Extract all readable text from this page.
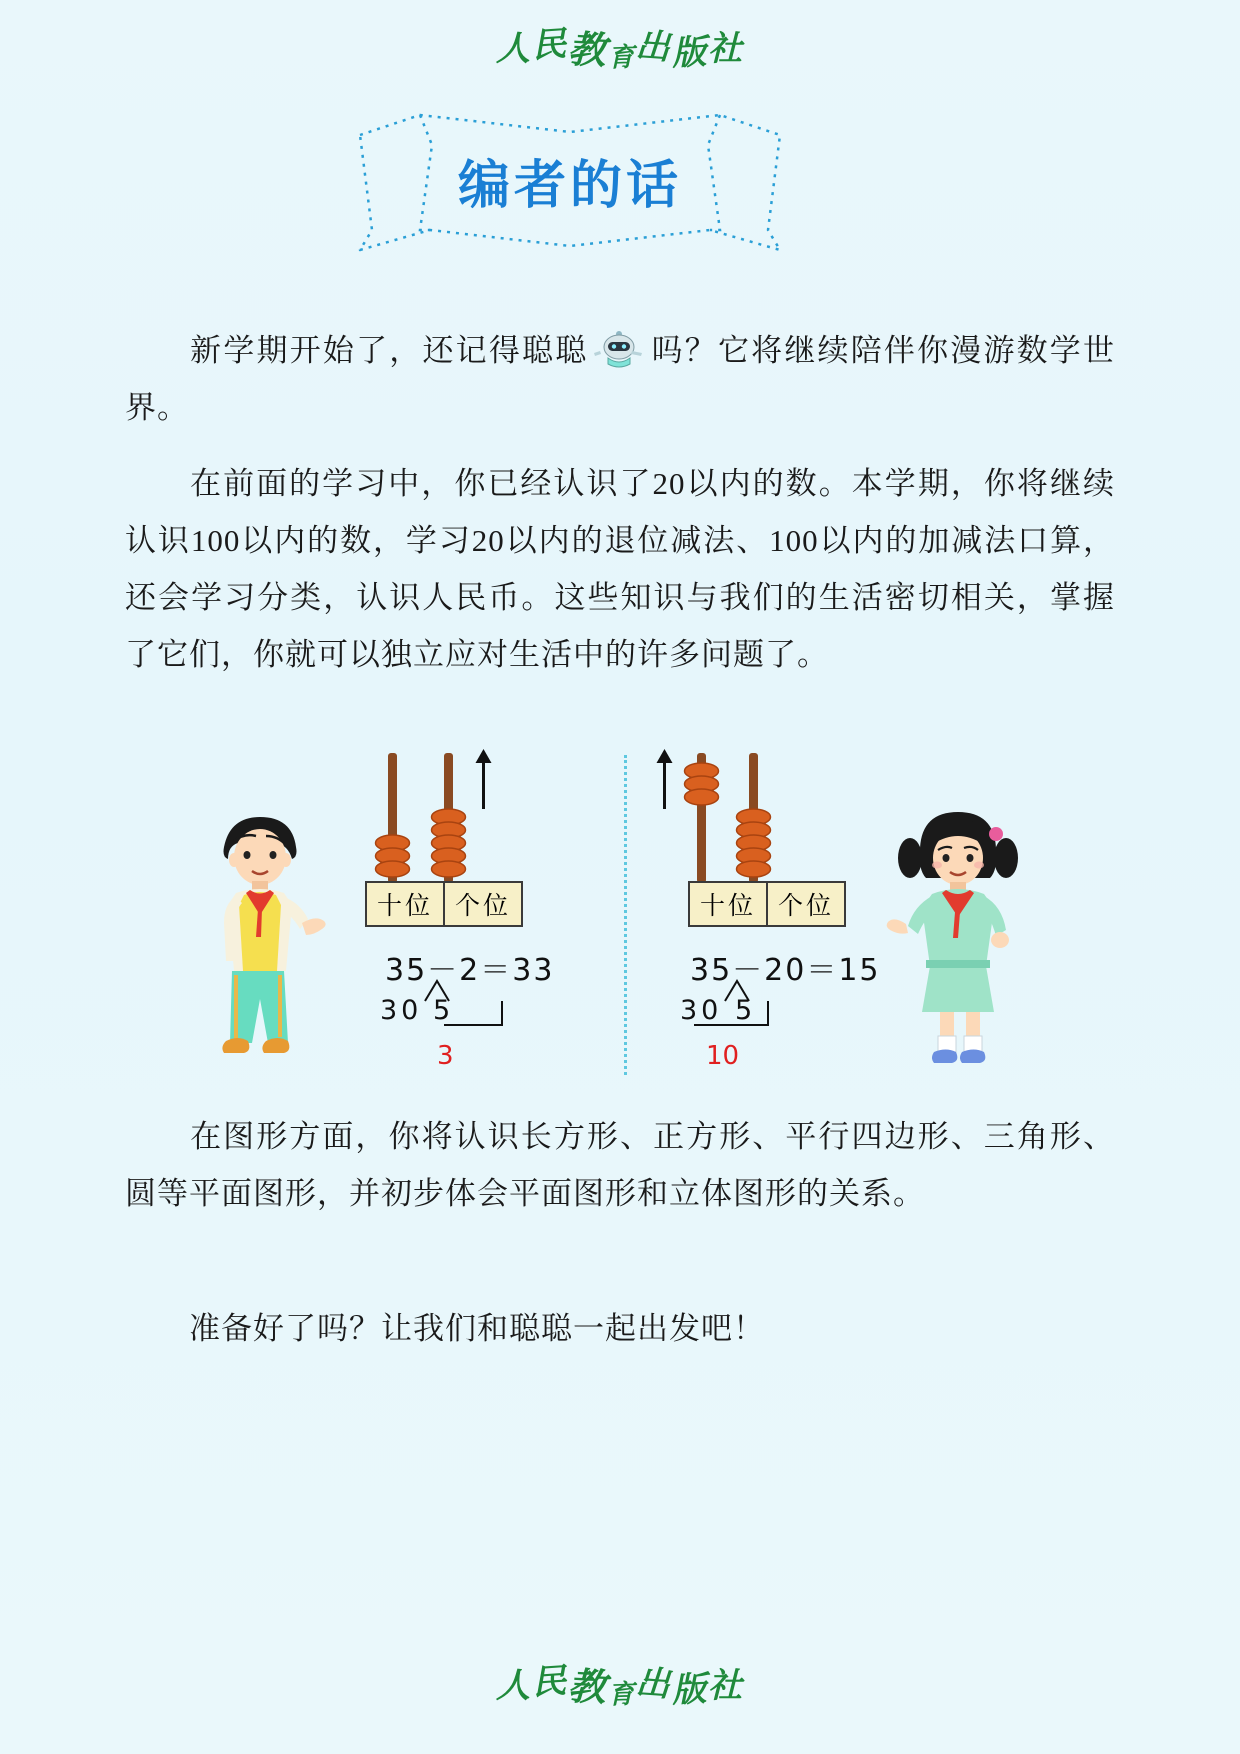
人民教育出版社
编者的话
新学期开始了，还记得聪聪 吗？它将继续陪伴你漫游数学世界。
在前面的学习中，你已经认识了20以内的数。本学期，你将继续认识100以内的数，学习20以内的退位减法、100以内的加减法口算，还会学习分类，认识人民币。这些知识与我们的生活密切相关，掌握了它们，你就可以独立应对生活中的许多问题了。
十位 个位
35－2＝33
30 5
3
十位 个位
35－20＝15
30 5
10
在图形方面，你将认识长方形、正方形、平行四边形、三角形、圆等平面图形，并初步体会平面图形和立体图形的关系。
准备好了吗？让我们和聪聪一起出发吧！
人民教育出版社
